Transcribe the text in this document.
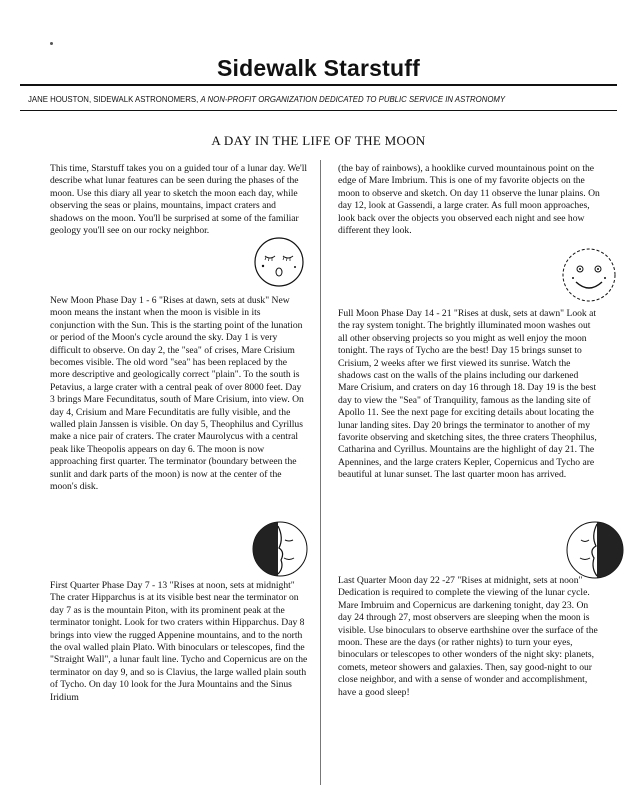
Sidewalk Starstuff
JANE HOUSTON, SIDEWALK ASTRONOMERS, A NON-PROFIT ORGANIZATION DEDICATED TO PUBLIC SERVICE IN ASTRONOMY
A DAY IN THE LIFE OF THE MOON
This time, Starstuff takes you on a guided tour of a lunar day. We'll describe what lunar features can be seen during the phases of the moon. Use this diary all year to sketch the moon each day, while observing the seas or plains, mountains, impact craters and shadows on the moon. You'll be surprised at some of the familiar geology you'll see on our rocky neighbor.
New Moon Phase Day 1 - 6 "Rises at dawn, sets at dusk" New moon means the instant when the moon is visible in its conjunction with the Sun. This is the starting point of the lunation or period of the Moon's cycle around the sky. Day 1 is very difficult to observe. On day 2, the "sea" of crises, Mare Crisium becomes visible. The old word "sea" has been replaced by the more descriptive and geologically correct "plain". To the south is Petavius, a large crater with a central peak of over 8000 feet. Day 3 brings Mare Fecunditatus, south of Mare Crisium, into view. On day 4, Crisium and Mare Fecunditatis are fully visible, and the walled plain Janssen is visible. On day 5, Theophilus and Cyrillus make a nice pair of craters. The crater Maurolycus with a central peak like Theopolis appears on day 6. The moon is now approaching first quarter. The terminator (boundary between the sunlit and dark parts of the moon) is now at the center of the moon's disk.
First Quarter Phase Day 7 - 13 "Rises at noon, sets at midnight" The crater Hipparchus is at its visible best near the terminator on day 7 as is the mountain Piton, with its prominent peak at the terminator tonight. Look for two craters within Hipparchus. Day 8 brings into view the rugged Appenine mountains, and to the north the oval walled plain Plato. With binoculars or telescopes, find the "Straight Wall", a lunar fault line. Tycho and Copernicus are on the terminator on day 9, and so is Clavius, the large walled plain south of Tycho. On day 10 look for the Jura Mountains and the Sinus Iridium
(the bay of rainbows), a hooklike curved mountainous point on the edge of Mare Imbrium. This is one of my favorite objects on the moon to observe and sketch. On day 11 observe the lunar plains. On day 12, look at Gassendi, a large crater. As full moon approaches, look back over the objects you observed each night and see how different they look.
Full Moon Phase Day 14 - 21 "Rises at dusk, sets at dawn" Look at the ray system tonight. The brightly illuminated moon washes out all other observing projects so you might as well enjoy the moon tonight. The rays of Tycho are the best! Day 15 brings sunset to Crisium, 2 weeks after we first viewed its sunrise. Watch the shadows cast on the walls of the plains including our darkened Mare Crisium, and craters on day 16 through 18. Day 19 is the best day to view the "Sea" of Tranquility, famous as the landing site of Apollo 11. See the next page for exciting details about locating the lunar landing sites. Day 20 brings the terminator to another of my favorite observing and sketching sites, the three craters Theophilus, Catharina and Cyrillus. Mountains are the highlight of day 21. The Apennines, and the large craters Kepler, Copernicus and Tycho are beautiful at lunar sunset. The last quarter moon has arrived.
Last Quarter Moon day 22 -27 "Rises at midnight, sets at noon" Dedication is required to complete the viewing of the lunar cycle. Mare Imbruim and Copernicus are darkening tonight, day 23. On day 24 through 27, most observers are sleeping when the moon is visible. Use binoculars to observe earthshine over the surface of the moon. These are the days (or rather nights) to turn your eyes, binoculars or telescopes to other wonders of the night sky: planets, comets, meteor showers and galaxies. Then, say good-night to our close neighbor, and with a sense of wonder and accomplishment, have a good sleep!
